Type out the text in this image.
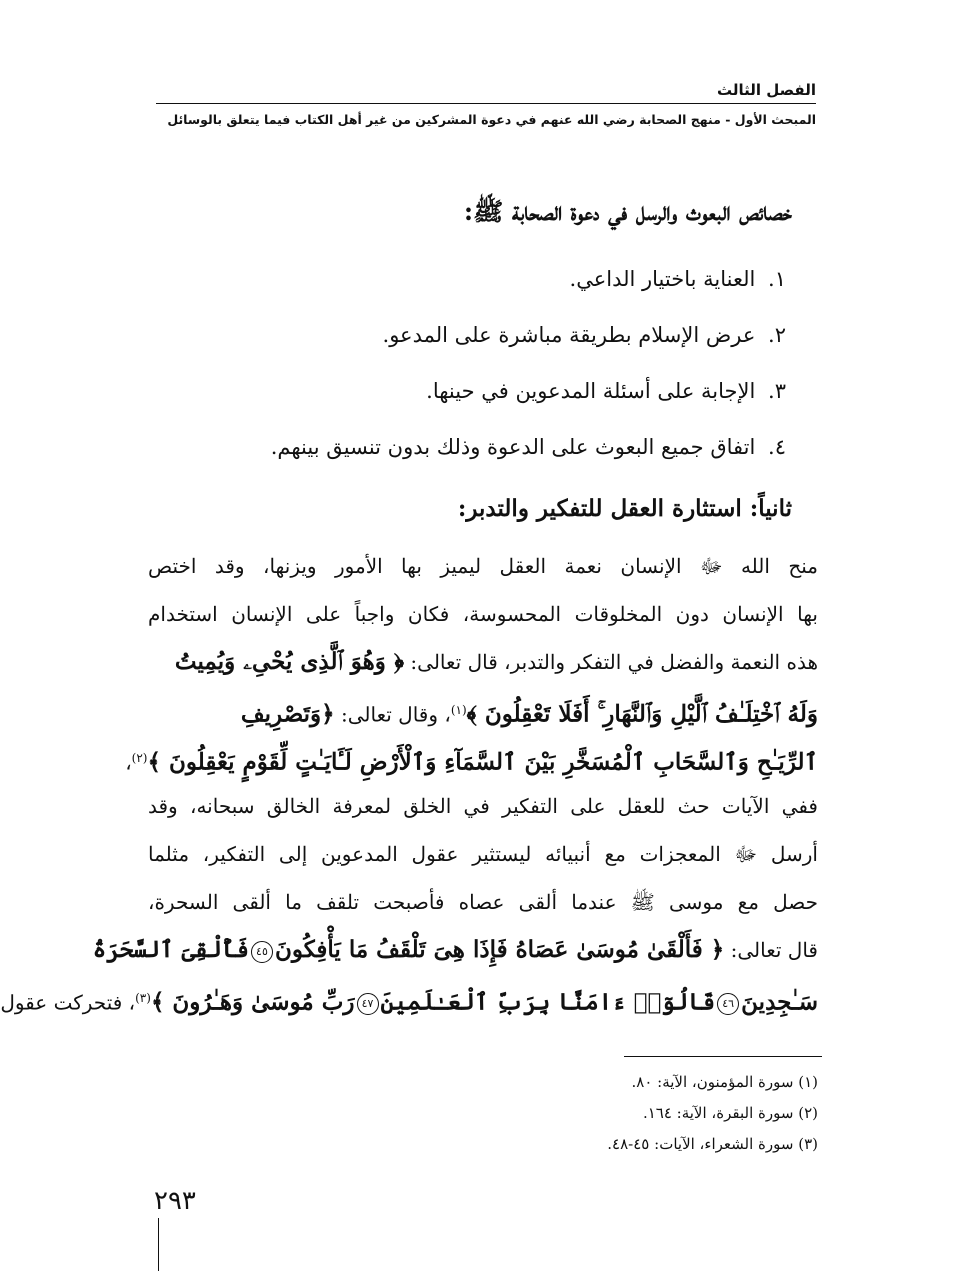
الفصل الثالث
المبحث الأول - منهج الصحابة رضي الله عنهم في دعوة المشركين من غير أهل الكتاب فيما يتعلق بالوسائل
خصائص البعوث والرسل في دعوة الصحابة ﷺ:
١. العناية باختيار الداعي.
٢. عرض الإسلام بطريقة مباشرة على المدعو.
٣. الإجابة على أسئلة المدعوين في حينها.
٤. اتفاق جميع البعوث على الدعوة وذلك بدون تنسيق بينهم.
ثانياً: استثارة العقل للتفكير والتدبر:
منح الله ﷻ الإنسان نعمة العقل ليميز بها الأمور ويزنها، وقد اختص
بها الإنسان دون المخلوقات المحسوسة، فكان واجباً على الإنسان استخدام
هذه النعمة والفضل في التفكر والتدبر، قال تعالى: ﴿ وَهُوَ ٱلَّذِى يُحْىِۦ وَيُمِيتُ
وَلَهُ ٱخْتِلَـٰفُ ٱلَّيْلِ وَٱلنَّهَارِ ۚ أَفَلَا تَعْقِلُونَ ﴾$^{(١)}$، وقال تعالى: ﴿وَتَصْرِيفِ
ٱلرِّيَـٰحِ وَٱلسَّحَابِ ٱلْمُسَخَّرِ بَيْنَ ٱلسَّمَآءِ وَٱلْأَرْضِ لَـَٔايَـٰتٍ لِّقَوْمٍ يَعْقِلُونَ ﴾$^{(٢)}$،
ففي الآيات حث للعقل على التفكير في الخلق لمعرفة الخالق سبحانه، وقد
أرسل ﷻ المعجزات مع أنبيائه ليستثير عقول المدعوين إلى التفكير، مثلما
حصل مع موسى ﷺ عندما ألقى عصاه فأصبحت تلقف ما ألقى السحرة،
قال تعالى: ﴿ فَأَلْقَىٰ مُوسَىٰ عَصَاهُ فَإِذَا هِىَ تَلْقَفُ مَا يَأْفِكُونَ٤٥فَأُلْقِىَ ٱلسَّحَرَةُ
سَـٰجِدِينَ٤٦قَالُوٓا۟ ءَامَنَّا بِرَبِّ ٱلْعَـٰلَمِينَ٤٧رَبِّ مُوسَىٰ وَهَـٰرُونَ ﴾$^{(٣)}$، فتحركت عقول
(١) سورة المؤمنون، الآية: ٨٠.
(٢) سورة البقرة، الآية: ١٦٤.
(٣) سورة الشعراء، الآيات: ٤٥-٤٨.
٢٩٣
